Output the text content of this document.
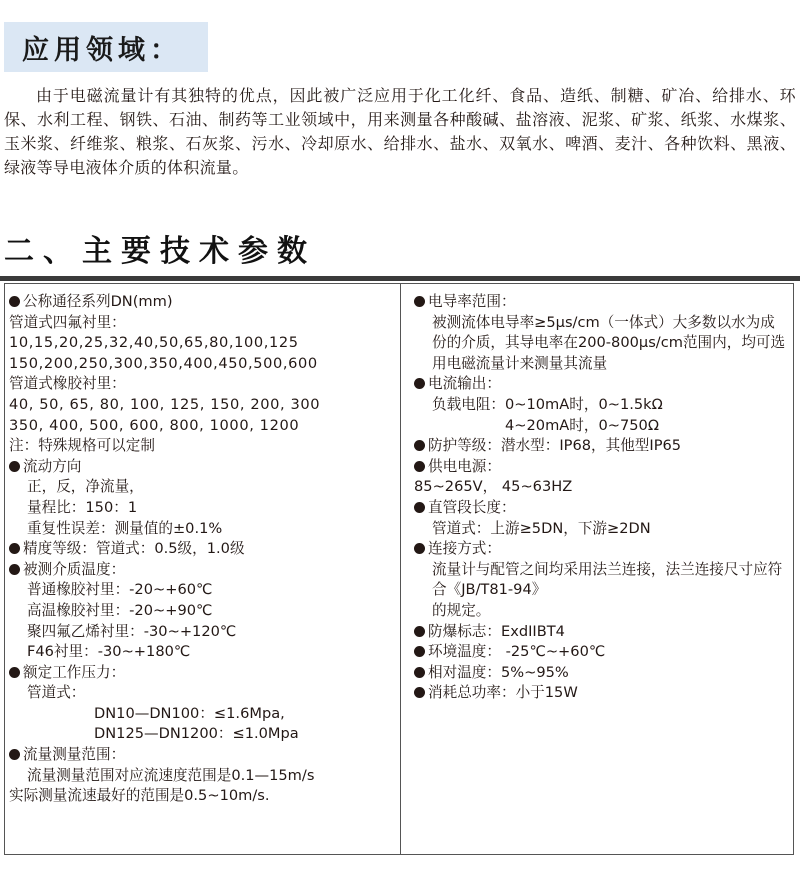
应用领域：

由于电磁流量计有其独特的优点，因此被广泛应用于化工化纤、食品、造纸、制糖、矿冶、给排水、环保、水利工程、钢铁、石油、制药等工业领域中，用来测量各种酸碱、盐溶液、泥浆、矿浆、纸浆、水煤浆、玉米浆、纤维浆、粮浆、石灰浆、污水、冷却原水、给排水、盐水、双氧水、啤酒、麦汁、各种饮料、黑液、绿液等导电液体介质的体积流量。

二、主要技术参数
公称通径系列DN(mm)
管道式四氟衬里：
10,15,20,25,32,40,50,65,80,100,125
150,200,250,300,350,400,450,500,600
管道式橡胶衬里：
40, 50, 65, 80, 100, 125, 150, 200, 300
350, 400, 500, 600, 800, 1000, 1200
注：特殊规格可以定制
流动方向
正，反，净流量，
量程比：150：1
重复性误差：测量值的±0.1%
精度等级：管道式：0.5级，1.0级
被测介质温度：
普通橡胶衬里：-20~+60℃
高温橡胶衬里：-20~+90℃
聚四氟乙烯衬里：-30~+120℃
F46衬里：-30~+180℃
额定工作压力：
管道式：
DN10—DN100：≤1.6Mpa,
DN125—DN1200：≤1.0Mpa
流量测量范围：
流量测量范围对应流速度范围是0.1—15m/s
实际测量流速最好的范围是0.5~10m/s.
电导率范围：
被测流体电导率≥5μs/cm（一体式）大多数以水为成份的介质，其导电率在200-800μs/cm范围内，均可选用电磁流量计来测量其流量
电流输出：
负载电阻：0~10mA时，0~1.5kΩ
4~20mA时，0~750Ω
防护等级：潜水型：IP68，其他型IP65
供电电源：
85~265V， 45~63HZ
直管段长度：
管道式：上游≥5DN，下游≥2DN
连接方式：
流量计与配管之间均采用法兰连接，法兰连接尺寸应符合《JB/T81-94》
的规定。
防爆标志：ExdIIBT4
环境温度： -25℃~+60℃
相对温度：5%~95%
消耗总功率：小于15W
